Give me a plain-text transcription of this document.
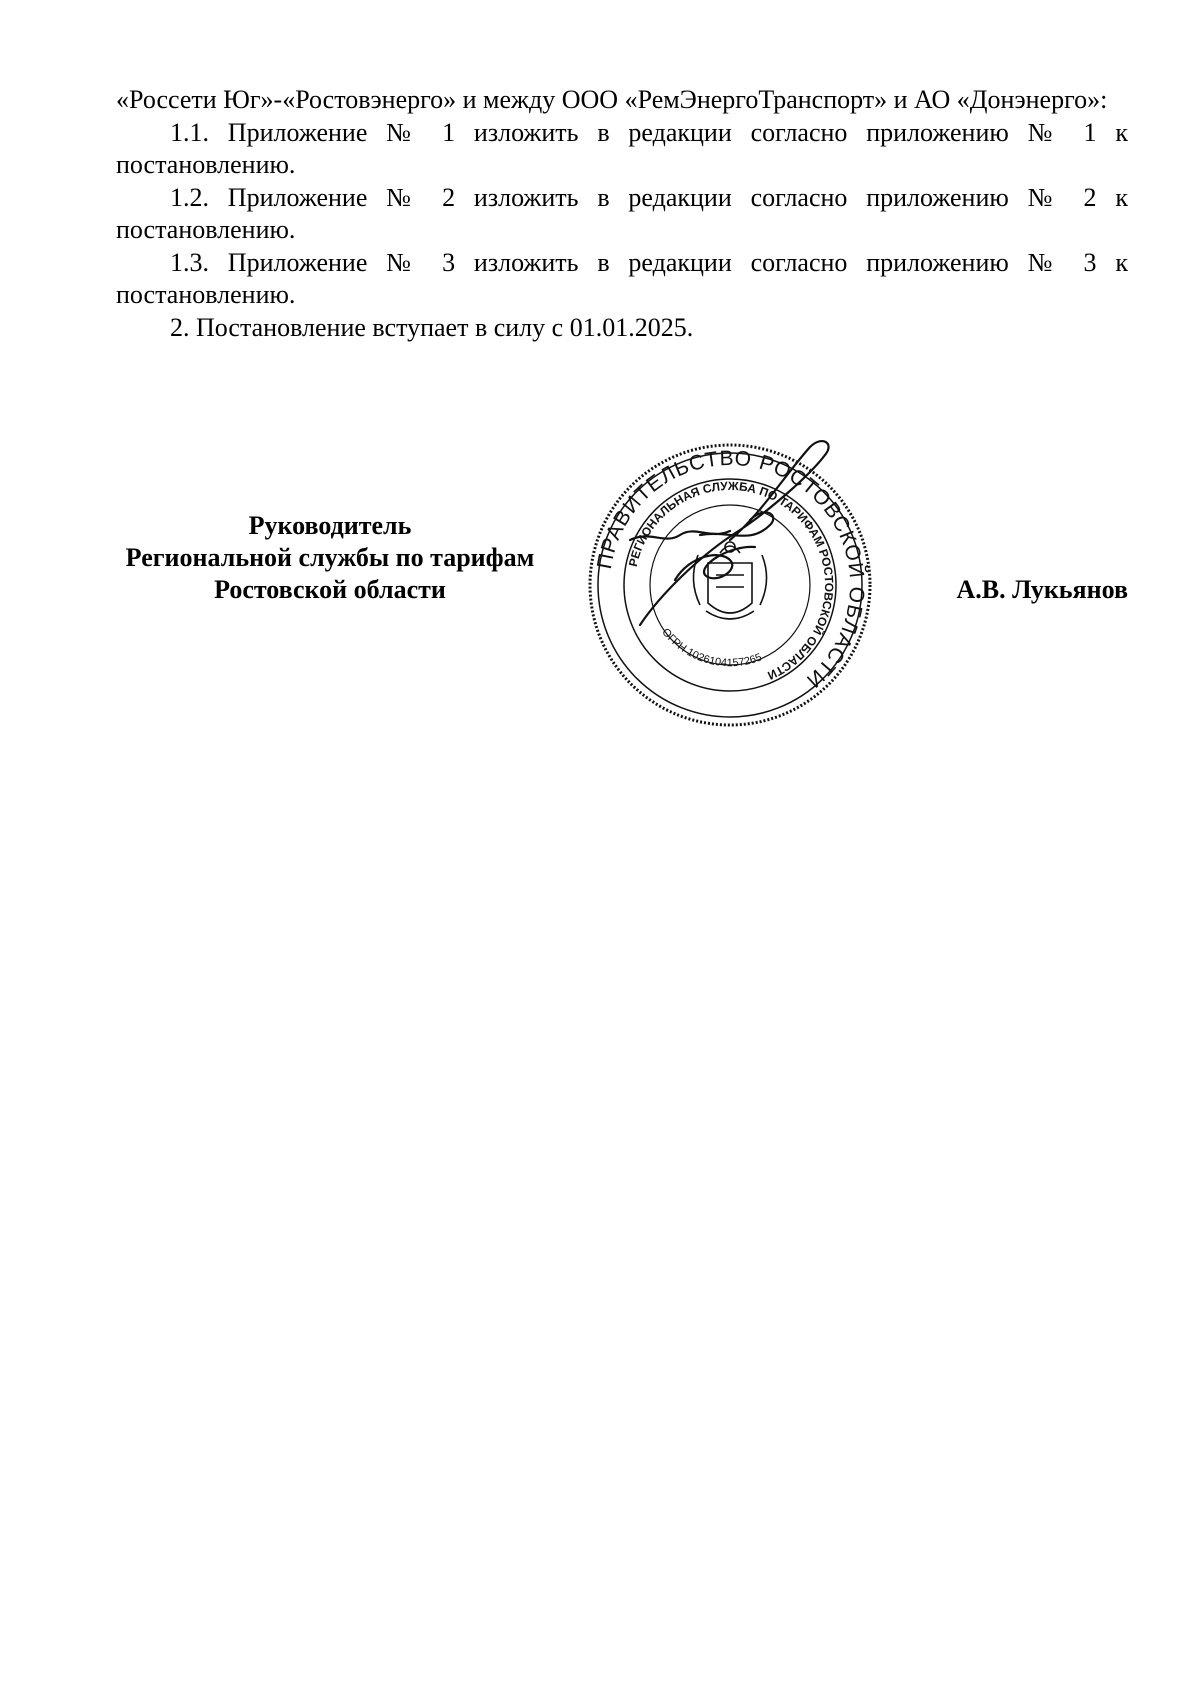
«Россети Юг»-«Ростовэнерго» и между ООО «РемЭнергоТранспорт» и АО «Донэнерго»:

1.1. Приложение № 1 изложить в редакции согласно приложению № 1 к постановлению.

1.2. Приложение № 2 изложить в редакции согласно приложению № 2 к постановлению.

1.3. Приложение № 3 изложить в редакции согласно приложению № 3 к постановлению.

2. Постановление вступает в силу с 01.01.2025.

Руководитель
Региональной службы по тарифам
Ростовской области
ПРАВИТЕЛЬСТВО РОСТОВСКОЙ ОБЛАСТИ
РЕГИОНАЛЬНАЯ СЛУЖБА ПО ТАРИФАМ РОСТОВСКОЙ ОБЛАСТИ
ОГРН 1026104157265
А.В. Лукьянов
